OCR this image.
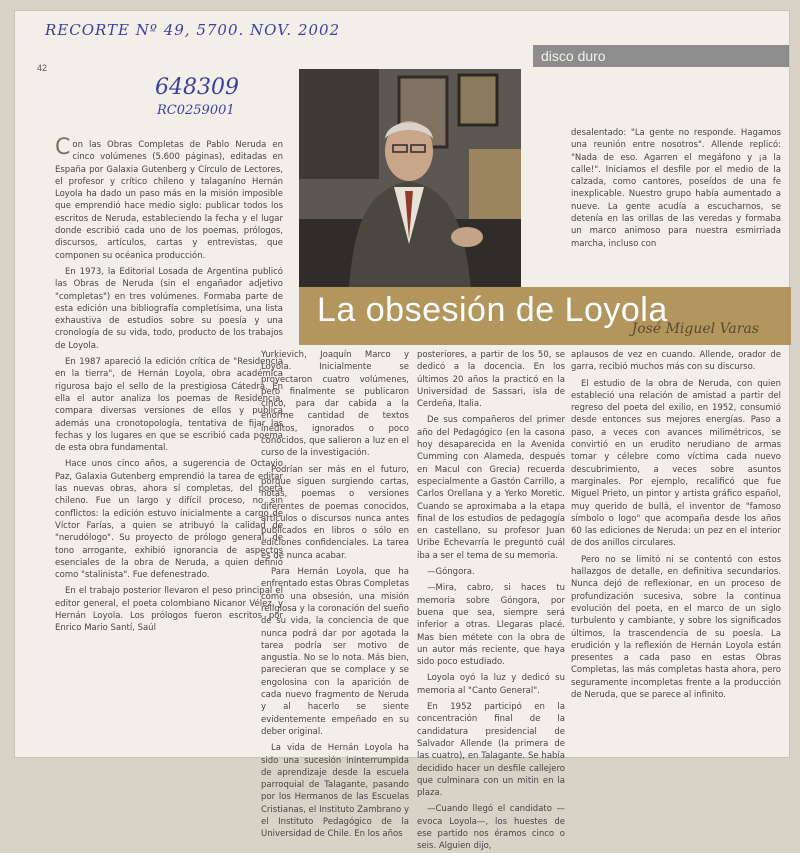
RECORTE Nº 49, 5700. NOV. 2002
648309
RC0259001
disco duro
42
La obsesión de Loyola
José Miguel Varas

Con las Obras Completas de Pablo Neruda en cinco volúmenes (5.600 páginas), editadas en España por Galaxia Gutenberg y Círculo de Lectores, el profesor y crítico chileno y talaganíno Hernán Loyola ha dado un paso más en la misión imposible que emprendió hace medio siglo: publicar todos los escritos de Neruda, estableciendo la fecha y el lugar donde escribió cada uno de los poemas, prólogos, discursos, artículos, cartas y entrevistas, que componen su océanica producción.

En 1973, la Editorial Losada de Argentina publicó las Obras de Neruda (sin el engañador adjetivo "completas") en tres volúmenes. Formaba parte de esta edición una bibliografía completísima, una lista exhaustiva de estudios sobre su poesía y una cronología de su vida, todo, producto de los trabajos de Loyola.

En 1987 apareció la edición crítica de "Residencia en la tierra", de Hernán Loyola, obra académica rigurosa bajo el sello de la prestigiosa Cátedra. En ella el autor analiza los poemas de Residencia, compara diversas versiones de ellos y publica además una cronotopología, tentativa de fijar las fechas y los lugares en que se escribió cada poema de esta obra fundamental.

Hace unos cinco años, a sugerencia de Octavio Paz, Galaxia Gutenberg emprendió la tarea de editar las nuevas obras, ahora sí completas, del poeta chileno. Fue un largo y difícil proceso, no sin conflictos: la edición estuvo inicialmente a cargo de Víctor Farías, a quien se atribuyó la calidad de "nerudólogo". Su proyecto de prólogo general, de tono arrogante, exhibió ignorancia de aspectos esenciales de la obra de Neruda, a quien definió como "stalinista". Fue defenestrado.

En el trabajo posterior llevaron el peso principal el editor general, el poeta colombiano Nicanor Vélez, y Hernán Loyola. Los prólogos fueron escritos por Enrico Mario Santí, Saúl

Yurkievich, Joaquín Marco y Loyola. Inicialmente se proyectaron cuatro volúmenes, pero finalmente se publicaron cinco, para dar cabida a la enorme cantidad de textos inéditos, ignorados o poco conocidos, que salieron a luz en el curso de la investigación.

Podrían ser más en el futuro, porque siguen surgiendo cartas, notas, poemas o versiones diferentes de poemas conocidos, artículos o discursos nunca antes publicados en libros o sólo en ediciones confidenciales. La tarea es de nunca acabar.

Para Hernán Loyola, que ha enfrentado estas Obras Completas como una obsesión, una misión religiosa y la coronación del sueño de su vida, la conciencia de que nunca podrá dar por agotada la tarea podría ser motivo de angustia. No se lo nota. Más bien, parecieran que se complace y se engolosina con la aparición de cada nuevo fragmento de Neruda y al hacerlo se siente evidentemente empeñado en su deber original.

La vida de Hernán Loyola ha sido una sucesión ininterrumpida de aprendizaje desde la escuela parroquial de Talagante, pasando por los Hermanos de las Escuelas Cristianas, el Instituto Zambrano y el Instituto Pedagógico de la Universidad de Chile. En los años

posteriores, a partir de los 50, se dedicó a la docencia. En los últimos 20 años la practicó en la Universidad de Sassari, isla de Cerdeña, Italia.

De sus compañeros del primer año del Pedagógico (en la casona hoy desaparecida en la Avenida Cumming con Alameda, después en Macul con Grecia) recuerda especialmente a Gastón Carrillo, a Carlos Orellana y a Yerko Moretic. Cuando se aproximaba a la etapa final de los estudios de pedagogía en castellano, su profesor Juan Uribe Echevarría le preguntó cuál iba a ser el tema de su memoria.

—Góngora.

—Mira, cabro, si haces tu memoria sobre Góngora, por buena que sea, siempre será inferior a otras. Llegaras placé. Mas bien métete con la obra de un autor más reciente, que haya sido poco estudiado.

Loyola oyó la luz y dedicó su memoria al "Canto General".

En 1952 participó en la concentración final de la candidatura presidencial de Salvador Allende (la primera de las cuatro), en Talagante. Se había decidido hacer un desfile callejero que culminara con un mitin en la plaza.

—Cuando llegó el candidato —evoca Loyola—, los huestes de ese partido nos éramos cinco o seis. Alguien dijo,

desalentado: "La gente no responde. Hagamos una reunión entre nosotros". Allende replicó: "Nada de eso. Agarren el megáfono y ¡a la calle!". Iniciamos el desfile por el medio de la calzada, como cantores, poseídos de una fe inexplicable. Nuestro grupo había aumentado a nueve. La gente acudía a escucharnos, se detenía en las orillas de las veredas y formaba un marco animoso para nuestra esmirriada marcha, incluso con

aplausos de vez en cuando. Allende, orador de garra, recibió muchos más con su discurso.

El estudio de la obra de Neruda, con quien estableció una relación de amistad a partir del regreso del poeta del exilio, en 1952, consumió desde entonces sus mejores energías. Paso a paso, a veces con avances milimétricos, se convirtió en un erudito nerudiano de armas tomar y célebre como víctima cada nuevo descubrimiento, a veces sobre asuntos marginales. Por ejemplo, recalificó que fue Miguel Prieto, un pintor y artista gráfico español, muy querido de bullá, el inventor de "famoso símbolo o logo" que acompaña desde los años 60 las ediciones de Neruda: un pez en el interior de dos anillos circulares.

Pero no se limitó ni se contentó con estos hallazgos de detalle, en definitiva secundarios. Nunca dejó de reflexionar, en un proceso de profundización sucesiva, sobre la continua evolución del poeta, en el marco de un siglo turbulento y cambiante, y sobre los significados últimos, la trascendencia de su poesía. La erudición y la reflexión de Hernán Loyola están presentes a cada paso en estas Obras Completas, las más completas hasta ahora, pero seguramente incompletas frente a la producción de Neruda, que se parece al infinito.
